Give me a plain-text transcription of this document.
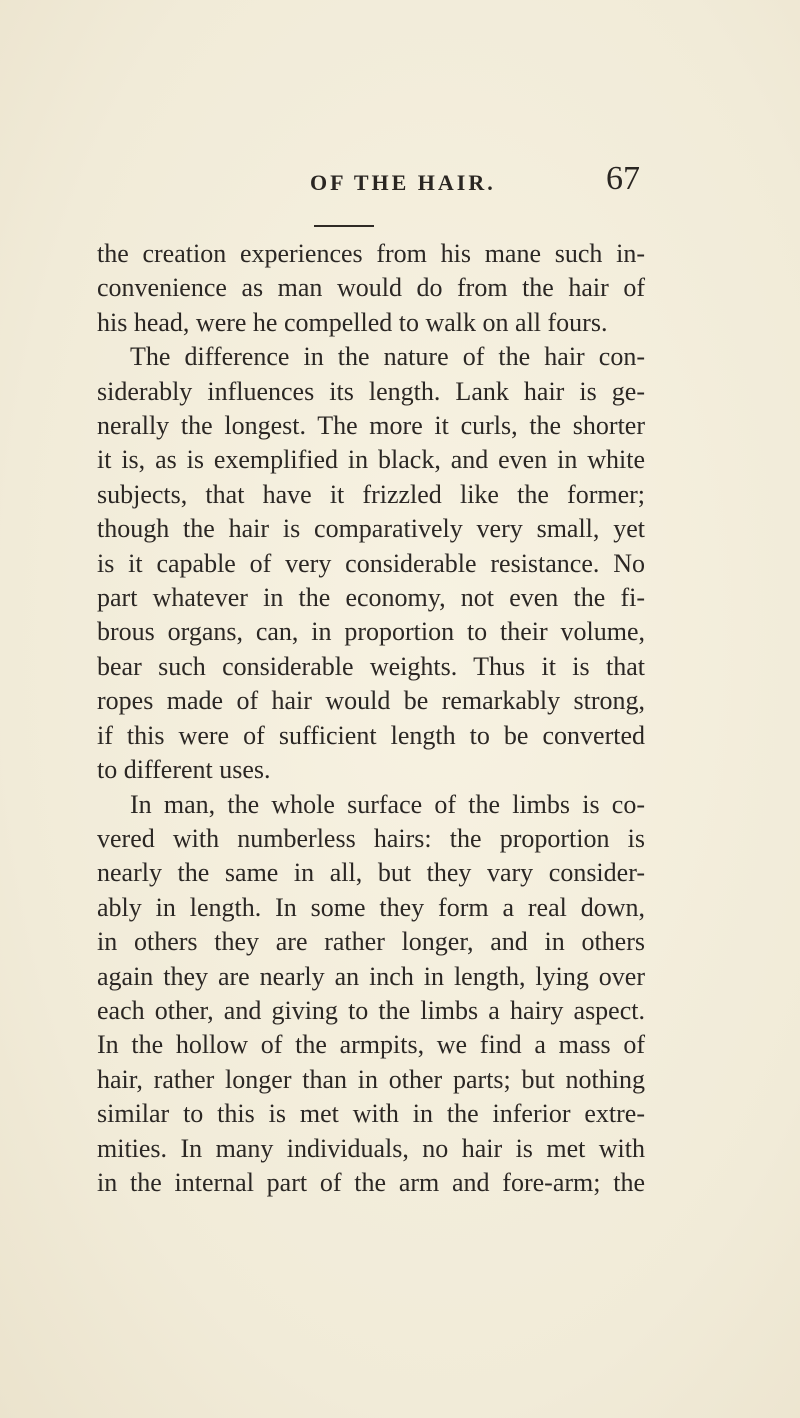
OF THE HAIR.	67
the creation experiences from his mane such in-
convenience as man would do from the hair of
his head, were he compelled to walk on all fours.
The difference in the nature of the hair con-
siderably influences its length. Lank hair is ge-
nerally the longest. The more it curls, the shorter
it is, as is exemplified in black, and even in white
subjects, that have it frizzled like the former;
though the hair is comparatively very small, yet
is it capable of very considerable resistance. No
part whatever in the economy, not even the fi-
brous organs, can, in proportion to their volume,
bear such considerable weights. Thus it is that
ropes made of hair would be remarkably strong,
if this were of sufficient length to be converted
to different uses.
In man, the whole surface of the limbs is co-
vered with numberless hairs: the proportion is
nearly the same in all, but they vary consider-
ably in length. In some they form a real down,
in others they are rather longer, and in others
again they are nearly an inch in length, lying over
each other, and giving to the limbs a hairy aspect.
In the hollow of the armpits, we find a mass of
hair, rather longer than in other parts; but nothing
similar to this is met with in the inferior extre-
mities. In many individuals, no hair is met with
in the internal part of the arm and fore-arm; the
